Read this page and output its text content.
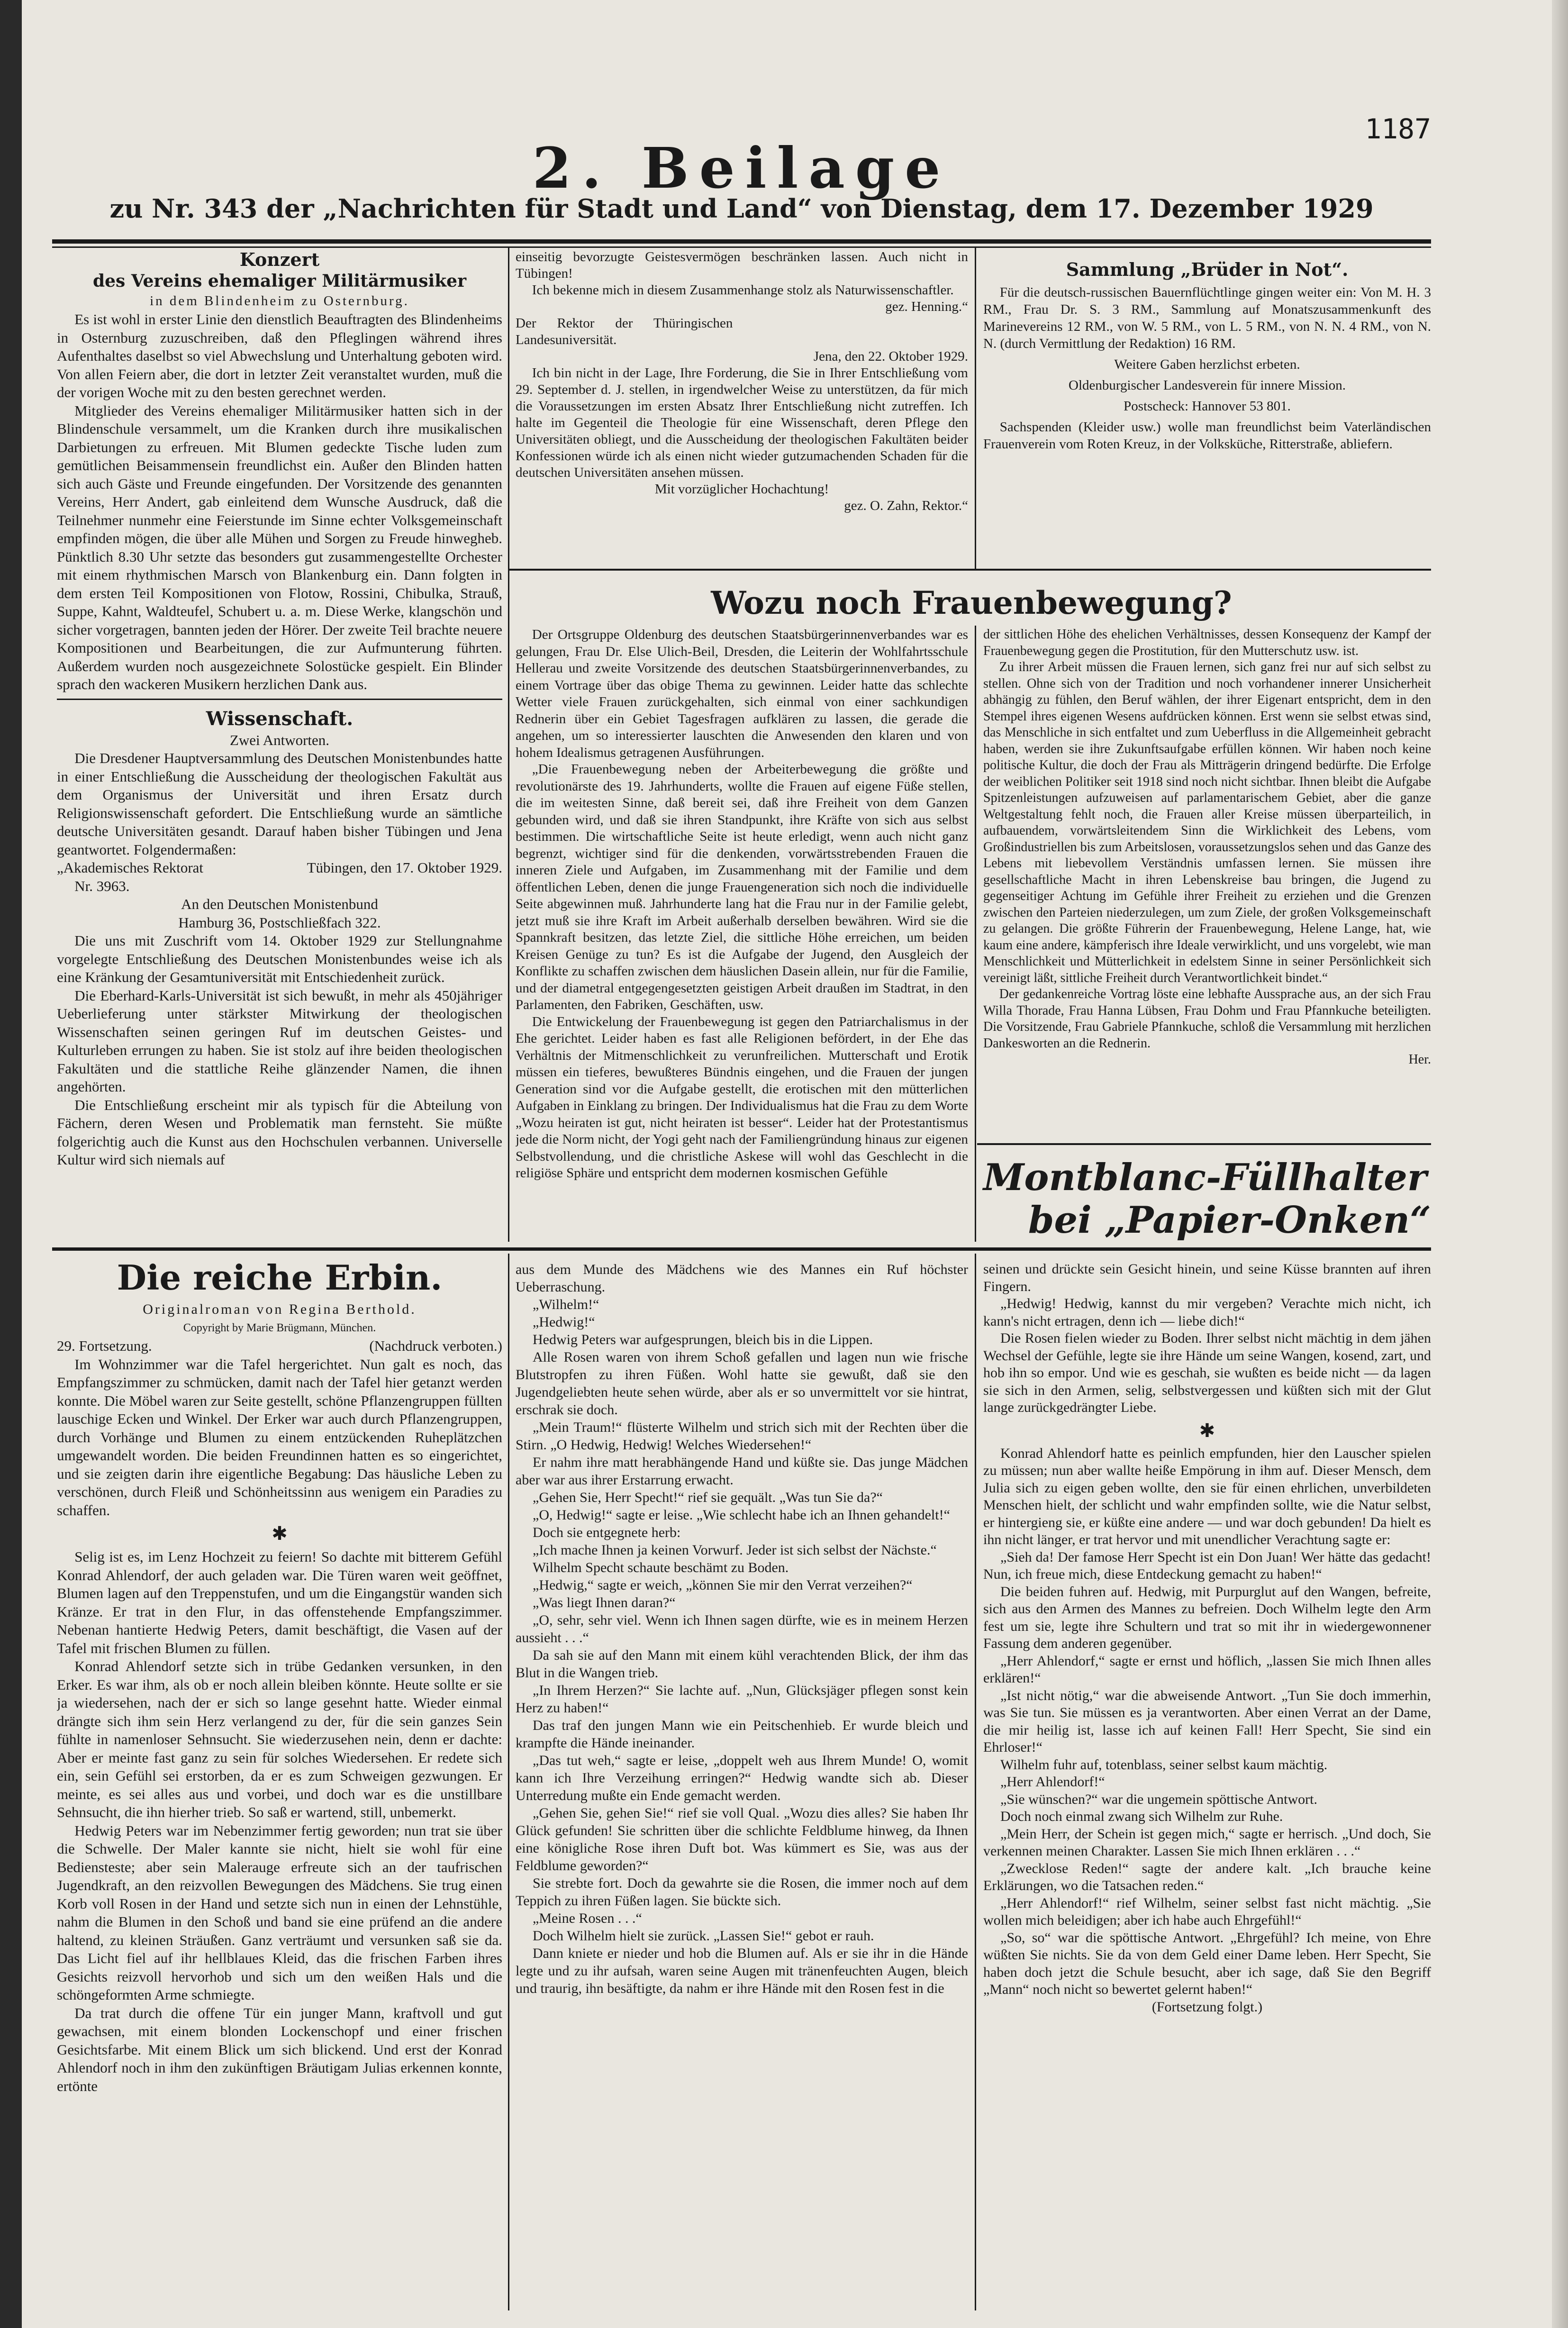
1187
2. Beilage
zu Nr. 343 der „Nachrichten für Stadt und Land“ von Dienstag, dem 17. Dezember 1929
Konzert
des Vereins ehemaliger Militärmusiker
in dem Blindenheim zu Osternburg.

Es ist wohl in erster Linie den dienstlich Beauftragten des Blindenheims in Osternburg zuzuschreiben, daß den Pfleglingen während ihres Aufenthaltes daselbst so viel Abwechslung und Unterhaltung geboten wird. Von allen Feiern aber, die dort in letzter Zeit veranstaltet wurden, muß die der vorigen Woche mit zu den besten gerechnet werden.

Mitglieder des Vereins ehemaliger Militärmusiker hatten sich in der Blindenschule versammelt, um die Kranken durch ihre musikalischen Darbietungen zu erfreuen. Mit Blumen gedeckte Tische luden zum gemütlichen Beisammensein freundlichst ein. Außer den Blinden hatten sich auch Gäste und Freunde eingefunden. Der Vorsitzende des genannten Vereins, Herr Andert, gab einleitend dem Wunsche Ausdruck, daß die Teilnehmer nunmehr eine Feierstunde im Sinne echter Volksgemeinschaft empfinden mögen, die über alle Mühen und Sorgen zu Freude hinwegheb. Pünktlich 8.30 Uhr setzte das besonders gut zusammengestellte Orchester mit einem rhythmischen Marsch von Blankenburg ein. Dann folgten in dem ersten Teil Kompositionen von Flotow, Rossini, Chibulka, Strauß, Suppe, Kahnt, Waldteufel, Schubert u. a. m. Diese Werke, klangschön und sicher vorgetragen, bannten jeden der Hörer. Der zweite Teil brachte neuere Kompositionen und Bearbeitungen, die zur Aufmunterung führten. Außerdem wurden noch ausgezeichnete Solostücke gespielt. Ein Blinder sprach den wackeren Musikern herzlichen Dank aus.

Wissenschaft.
Zwei Antworten.

Die Dresdener Hauptversammlung des Deutschen Monistenbundes hatte in einer Entschließung die Ausscheidung der theologischen Fakultät aus dem Organismus der Universität und ihren Ersatz durch Religionswissenschaft gefordert. Die Entschließung wurde an sämtliche deutsche Universitäten gesandt. Darauf haben bisher Tübingen und Jena geantwortet. Folgendermaßen:

„Akademisches Rektorat	Tübingen, den 17. Oktober 1929.

Nr. 3963.

An den Deutschen Monistenbund
Hamburg 36, Postschließfach 322.

Die uns mit Zuschrift vom 14. Oktober 1929 zur Stellungnahme vorgelegte Entschließung des Deutschen Monistenbundes weise ich als eine Kränkung der Gesamtuniversität mit Entschiedenheit zurück.

Die Eberhard-Karls-Universität ist sich bewußt, in mehr als 450jähriger Ueberlieferung unter stärkster Mitwirkung der theologischen Wissenschaften seinen geringen Ruf im deutschen Geistes- und Kulturleben errungen zu haben. Sie ist stolz auf ihre beiden theologischen Fakultäten und die stattliche Reihe glänzender Namen, die ihnen angehörten.

Die Entschließung erscheint mir als typisch für die Abteilung von Fächern, deren Wesen und Problematik man fernsteht. Sie müßte folgerichtig auch die Kunst aus den Hochschulen verbannen. Universelle Kultur wird sich niemals auf

einseitig bevorzugte Geistesvermögen beschränken lassen. Auch nicht in Tübingen!

Ich bekenne mich in diesem Zusammenhange stolz als Naturwissenschaftler.

gez. Henning.“
Der Rektor der Thüringischen Landesuniversität.
Jena, den 22. Oktober 1929.

Ich bin nicht in der Lage, Ihre Forderung, die Sie in Ihrer Entschließung vom 29. September d. J. stellen, in irgendwelcher Weise zu unterstützen, da für mich die Voraussetzungen im ersten Absatz Ihrer Entschließung nicht zutreffen. Ich halte im Gegenteil die Theologie für eine Wissenschaft, deren Pflege den Universitäten obliegt, und die Ausscheidung der theologischen Fakultäten beider Konfessionen würde ich als einen nicht wieder gutzumachenden Schaden für die deutschen Universitäten ansehen müssen.

Mit vorzüglicher Hochachtung!
gez. O. Zahn, Rektor.“
Sammlung „Brüder in Not“.

Für die deutsch-russischen Bauernflüchtlinge gingen weiter ein: Von M. H. 3 RM., Frau Dr. S. 3 RM., Sammlung auf Monatszusammenkunft des Marinevereins 12 RM., von W. 5 RM., von L. 5 RM., von N. N. 4 RM., von N. N. (durch Vermittlung der Redaktion) 16 RM.

Weitere Gaben herzlichst erbeten.
Oldenburgischer Landesverein für innere Mission.
Postscheck: Hannover 53 801.

Sachspenden (Kleider usw.) wolle man freundlichst beim Vaterländischen Frauenverein vom Roten Kreuz, in der Volksküche, Ritterstraße, abliefern.

Wozu noch Frauenbewegung?

Der Ortsgruppe Oldenburg des deutschen Staatsbürgerinnenverbandes war es gelungen, Frau Dr. Else Ulich-Beil, Dresden, die Leiterin der Wohlfahrtsschule Hellerau und zweite Vorsitzende des deutschen Staatsbürgerinnenverbandes, zu einem Vortrage über das obige Thema zu gewinnen. Leider hatte das schlechte Wetter viele Frauen zurückgehalten, sich einmal von einer sachkundigen Rednerin über ein Gebiet Tagesfragen aufklären zu lassen, die gerade die angehen, um so interessierter lauschten die Anwesenden den klaren und von hohem Idealismus getragenen Ausführungen.

„Die Frauenbewegung neben der Arbeiterbewegung die größte und revolutionärste des 19. Jahrhunderts, wollte die Frauen auf eigene Füße stellen, die im weitesten Sinne, daß bereit sei, daß ihre Freiheit von dem Ganzen gebunden wird, und daß sie ihren Standpunkt, ihre Kräfte von sich aus selbst bestimmen. Die wirtschaftliche Seite ist heute erledigt, wenn auch nicht ganz begrenzt, wichtiger sind für die denkenden, vorwärtsstrebenden Frauen die inneren Ziele und Aufgaben, im Zusammenhang mit der Familie und dem öffentlichen Leben, denen die junge Frauengeneration sich noch die individuelle Seite abgewinnen muß. Jahrhunderte lang hat die Frau nur in der Familie gelebt, jetzt muß sie ihre Kraft im Arbeit außerhalb derselben bewähren. Wird sie die Spannkraft besitzen, das letzte Ziel, die sittliche Höhe erreichen, um beiden Kreisen Genüge zu tun? Es ist die Aufgabe der Jugend, den Ausgleich der Konflikte zu schaffen zwischen dem häuslichen Dasein allein, nur für die Familie, und der diametral entgegengesetzten geistigen Arbeit draußen im Stadtrat, in den Parlamenten, den Fabriken, Geschäften, usw.

Die Entwickelung der Frauenbewegung ist gegen den Patriarchalismus in der Ehe gerichtet. Leider haben es fast alle Religionen befördert, in der Ehe das Verhältnis der Mitmenschlichkeit zu verunfreilichen. Mutterschaft und Erotik müssen ein tieferes, bewußteres Bündnis eingehen, und die Frauen der jungen Generation sind vor die Aufgabe gestellt, die erotischen mit den mütterlichen Aufgaben in Einklang zu bringen. Der Individualismus hat die Frau zu dem Worte „Wozu heiraten ist gut, nicht heiraten ist besser“. Leider hat der Protestantismus jede die Norm nicht, der Yogi geht nach der Familiengründung hinaus zur eigenen Selbstvollendung, und die christliche Askese will wohl das Geschlecht in die religiöse Sphäre und entspricht dem modernen kosmischen Gefühle

der sittlichen Höhe des ehelichen Verhältnisses, dessen Konsequenz der Kampf der Frauenbewegung gegen die Prostitution, für den Mutterschutz usw. ist.

Zu ihrer Arbeit müssen die Frauen lernen, sich ganz frei nur auf sich selbst zu stellen. Ohne sich von der Tradition und noch vorhandener innerer Unsicherheit abhängig zu fühlen, den Beruf wählen, der ihrer Eigenart entspricht, dem in den Stempel ihres eigenen Wesens aufdrücken können. Erst wenn sie selbst etwas sind, das Menschliche in sich entfaltet und zum Ueberfluss in die Allgemeinheit gebracht haben, werden sie ihre Zukunftsaufgabe erfüllen können. Wir haben noch keine politische Kultur, die doch der Frau als Mitträgerin dringend bedürfte. Die Erfolge der weiblichen Politiker seit 1918 sind noch nicht sichtbar. Ihnen bleibt die Aufgabe Spitzenleistungen aufzuweisen auf parlamentarischem Gebiet, aber die ganze Weltgestaltung fehlt noch, die Frauen aller Kreise müssen überparteilich, in aufbauendem, vorwärtsleitendem Sinn die Wirklichkeit des Lebens, vom Großindustriellen bis zum Arbeitslosen, voraussetzungslos sehen und das Ganze des Lebens mit liebevollem Verständnis umfassen lernen. Sie müssen ihre gesellschaftliche Macht in ihren Lebenskreise bau bringen, die Jugend zu gegenseitiger Achtung im Gefühle ihrer Freiheit zu erziehen und die Grenzen zwischen den Parteien niederzulegen, um zum Ziele, der großen Volksgemeinschaft zu gelangen. Die größte Führerin der Frauenbewegung, Helene Lange, hat, wie kaum eine andere, kämpferisch ihre Ideale verwirklicht, und uns vorgelebt, wie man Menschlichkeit und Mütterlichkeit in edelstem Sinne in seiner Persönlichkeit sich vereinigt läßt, sittliche Freiheit durch Verantwortlichkeit bindet.“

Der gedankenreiche Vortrag löste eine lebhafte Aussprache aus, an der sich Frau Willa Thorade, Frau Hanna Lübsen, Frau Dohm und Frau Pfannkuche beteiligten. Die Vorsitzende, Frau Gabriele Pfannkuche, schloß die Versammlung mit herzlichen Dankesworten an die Rednerin.

Her.
Montblanc-Füllhalter
bei „Papier-Onken“
Die reiche Erbin.
Originalroman von Regina Berthold.
Copyright by Marie Brügmann, München.

29. Fortsetzung.	(Nachdruck verboten.)

Im Wohnzimmer war die Tafel hergerichtet. Nun galt es noch, das Empfangszimmer zu schmücken, damit nach der Tafel hier getanzt werden konnte. Die Möbel waren zur Seite gestellt, schöne Pflanzengruppen füllten lauschige Ecken und Winkel. Der Erker war auch durch Pflanzengruppen, durch Vorhänge und Blumen zu einem entzückenden Ruheplätzchen umgewandelt worden. Die beiden Freundinnen hatten es so eingerichtet, und sie zeigten darin ihre eigentliche Begabung: Das häusliche Leben zu verschönen, durch Fleiß und Schönheitssinn aus wenigem ein Paradies zu schaffen.

✱

Selig ist es, im Lenz Hochzeit zu feiern! So dachte mit bitterem Gefühl Konrad Ahlendorf, der auch geladen war. Die Türen waren weit geöffnet, Blumen lagen auf den Treppenstufen, und um die Eingangstür wanden sich Kränze. Er trat in den Flur, in das offenstehende Empfangszimmer. Nebenan hantierte Hedwig Peters, damit beschäftigt, die Vasen auf der Tafel mit frischen Blumen zu füllen.

Konrad Ahlendorf setzte sich in trübe Gedanken versunken, in den Erker. Es war ihm, als ob er noch allein bleiben könnte. Heute sollte er sie ja wiedersehen, nach der er sich so lange gesehnt hatte. Wieder einmal drängte sich ihm sein Herz verlangend zu der, für die sein ganzes Sein fühlte in namenloser Sehnsucht. Sie wiederzusehen nein, denn er dachte: Aber er meinte fast ganz zu sein für solches Wiedersehen. Er redete sich ein, sein Gefühl sei erstorben, da er es zum Schweigen gezwungen. Er meinte, es sei alles aus und vorbei, und doch war es die unstillbare Sehnsucht, die ihn hierher trieb. So saß er wartend, still, unbemerkt.

Hedwig Peters war im Nebenzimmer fertig geworden; nun trat sie über die Schwelle. Der Maler kannte sie nicht, hielt sie wohl für eine Bediensteste; aber sein Malerauge erfreute sich an der taufrischen Jugendkraft, an den reizvollen Bewegungen des Mädchens. Sie trug einen Korb voll Rosen in der Hand und setzte sich nun in einen der Lehnstühle, nahm die Blumen in den Schoß und band sie eine prüfend an die andere haltend, zu kleinen Sträußen. Ganz verträumt und versunken saß sie da. Das Licht fiel auf ihr hellblaues Kleid, das die frischen Farben ihres Gesichts reizvoll hervorhob und sich um den weißen Hals und die schöngeformten Arme schmiegte.

Da trat durch die offene Tür ein junger Mann, kraftvoll und gut gewachsen, mit einem blonden Lockenschopf und einer frischen Gesichtsfarbe. Mit einem Blick um sich blickend. Und erst der Konrad Ahlendorf noch in ihm den zukünftigen Bräutigam Julias erkennen konnte, ertönte

aus dem Munde des Mädchens wie des Mannes ein Ruf höchster Ueberraschung.

„Wilhelm!“

„Hedwig!“

Hedwig Peters war aufgesprungen, bleich bis in die Lippen.

Alle Rosen waren von ihrem Schoß gefallen und lagen nun wie frische Blutstropfen zu ihren Füßen. Wohl hatte sie gewußt, daß sie den Jugendgeliebten heute sehen würde, aber als er so unvermittelt vor sie hintrat, erschrak sie doch.

„Mein Traum!“ flüsterte Wilhelm und strich sich mit der Rechten über die Stirn. „O Hedwig, Hedwig! Welches Wiedersehen!“

Er nahm ihre matt herabhängende Hand und küßte sie. Das junge Mädchen aber war aus ihrer Erstarrung erwacht.

„Gehen Sie, Herr Specht!“ rief sie gequält. „Was tun Sie da?“

„O, Hedwig!“ sagte er leise. „Wie schlecht habe ich an Ihnen gehandelt!“

Doch sie entgegnete herb:

„Ich mache Ihnen ja keinen Vorwurf. Jeder ist sich selbst der Nächste.“

Wilhelm Specht schaute beschämt zu Boden.

„Hedwig,“ sagte er weich, „können Sie mir den Verrat verzeihen?“

„Was liegt Ihnen daran?“

„O, sehr, sehr viel. Wenn ich Ihnen sagen dürfte, wie es in meinem Herzen aussieht . . .“

Da sah sie auf den Mann mit einem kühl verachtenden Blick, der ihm das Blut in die Wangen trieb.

„In Ihrem Herzen?“ Sie lachte auf. „Nun, Glücksjäger pflegen sonst kein Herz zu haben!“

Das traf den jungen Mann wie ein Peitschenhieb. Er wurde bleich und krampfte die Hände ineinander.

„Das tut weh,“ sagte er leise, „doppelt weh aus Ihrem Munde! O, womit kann ich Ihre Verzeihung erringen?“ Hedwig wandte sich ab. Dieser Unterredung mußte ein Ende gemacht werden.

„Gehen Sie, gehen Sie!“ rief sie voll Qual. „Wozu dies alles? Sie haben Ihr Glück gefunden! Sie schritten über die schlichte Feldblume hinweg, da Ihnen eine königliche Rose ihren Duft bot. Was kümmert es Sie, was aus der Feldblume geworden?“

Sie strebte fort. Doch da gewahrte sie die Rosen, die immer noch auf dem Teppich zu ihren Füßen lagen. Sie bückte sich.

„Meine Rosen . . .“

Doch Wilhelm hielt sie zurück. „Lassen Sie!“ gebot er rauh.

Dann kniete er nieder und hob die Blumen auf. Als er sie ihr in die Hände legte und zu ihr aufsah, waren seine Augen mit tränenfeuchten Augen, bleich und traurig, ihn besäftigte, da nahm er ihre Hände mit den Rosen fest in die

seinen und drückte sein Gesicht hinein, und seine Küsse brannten auf ihren Fingern.

„Hedwig! Hedwig, kannst du mir vergeben? Verachte mich nicht, ich kann's nicht ertragen, denn ich — liebe dich!“

Die Rosen fielen wieder zu Boden. Ihrer selbst nicht mächtig in dem jähen Wechsel der Gefühle, legte sie ihre Hände um seine Wangen, kosend, zart, und hob ihn so empor. Und wie es geschah, sie wußten es beide nicht — da lagen sie sich in den Armen, selig, selbstvergessen und küßten sich mit der Glut lange zurückgedrängter Liebe.

✱

Konrad Ahlendorf hatte es peinlich empfunden, hier den Lauscher spielen zu müssen; nun aber wallte heiße Empörung in ihm auf. Dieser Mensch, dem Julia sich zu eigen geben wollte, den sie für einen ehrlichen, unverbildeten Menschen hielt, der schlicht und wahr empfinden sollte, wie die Natur selbst, er hintergieng sie, er küßte eine andere — und war doch gebunden! Da hielt es ihn nicht länger, er trat hervor und mit unendlicher Verachtung sagte er:

„Sieh da! Der famose Herr Specht ist ein Don Juan! Wer hätte das gedacht! Nun, ich freue mich, diese Entdeckung gemacht zu haben!“

Die beiden fuhren auf. Hedwig, mit Purpurglut auf den Wangen, befreite, sich aus den Armen des Mannes zu befreien. Doch Wilhelm legte den Arm fest um sie, legte ihre Schultern und trat so mit ihr in wiedergewonnener Fassung dem anderen gegenüber.

„Herr Ahlendorf,“ sagte er ernst und höflich, „lassen Sie mich Ihnen alles erklären!“

„Ist nicht nötig,“ war die abweisende Antwort. „Tun Sie doch immerhin, was Sie tun. Sie müssen es ja verantworten. Aber einen Verrat an der Dame, die mir heilig ist, lasse ich auf keinen Fall! Herr Specht, Sie sind ein Ehrloser!“

Wilhelm fuhr auf, totenblass, seiner selbst kaum mächtig.

„Herr Ahlendorf!“

„Sie wünschen?“ war die ungemein spöttische Antwort.

Doch noch einmal zwang sich Wilhelm zur Ruhe.

„Mein Herr, der Schein ist gegen mich,“ sagte er herrisch. „Und doch, Sie verkennen meinen Charakter. Lassen Sie mich Ihnen erklären . . .“

„Zwecklose Reden!“ sagte der andere kalt. „Ich brauche keine Erklärungen, wo die Tatsachen reden.“

„Herr Ahlendorf!“ rief Wilhelm, seiner selbst fast nicht mächtig. „Sie wollen mich beleidigen; aber ich habe auch Ehrgefühl!“

„So, so“ war die spöttische Antwort. „Ehrgefühl? Ich meine, von Ehre wüßten Sie nichts. Sie da von dem Geld einer Dame leben. Herr Specht, Sie haben doch jetzt die Schule besucht, aber ich sage, daß Sie den Begriff „Mann“ noch nicht so bewertet gelernt haben!“

(Fortsetzung folgt.)
